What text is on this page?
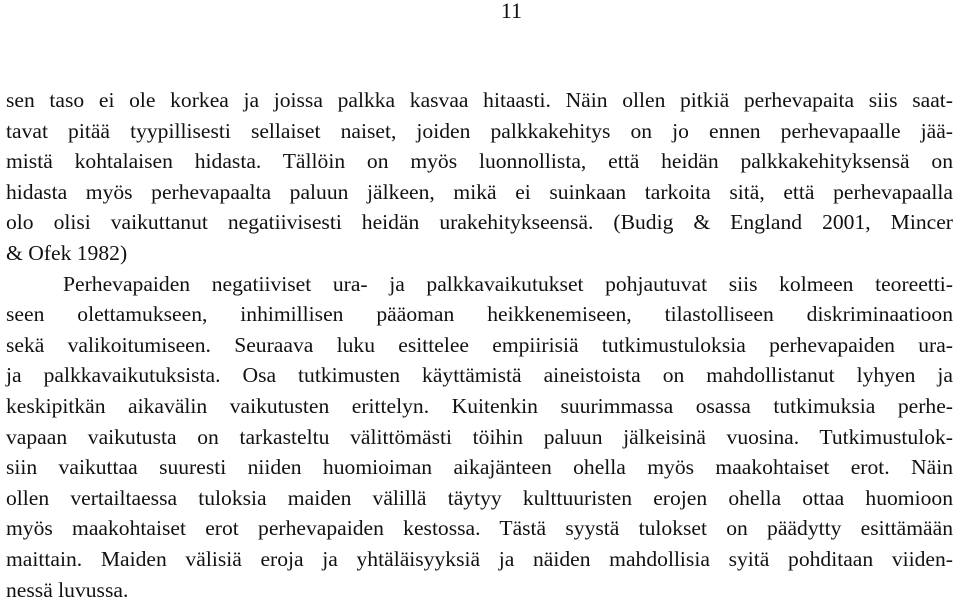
11
sen taso ei ole korkea ja joissa palkka kasvaa hitaasti. Näin ollen pitkiä perhevapaita siis saat-
tavat pitää tyypillisesti sellaiset naiset, joiden palkkakehitys on jo ennen perhevapaalle jää-
mistä kohtalaisen hidasta. Tällöin on myös luonnollista, että heidän palkkakehityksensä on
hidasta myös perhevapaalta paluun jälkeen, mikä ei suinkaan tarkoita sitä, että perhevapaalla
olo olisi vaikuttanut negatiivisesti heidän urakehitykseensä. (Budig & England 2001, Mincer
& Ofek 1982)
Perhevapaiden negatiiviset ura- ja palkkavaikutukset pohjautuvat siis kolmeen teoreetti-
seen olettamukseen, inhimillisen pääoman heikkenemiseen, tilastolliseen diskriminaatioon
sekä valikoitumiseen. Seuraava luku esittelee empiirisiä tutkimustuloksia perhevapaiden ura-
ja palkkavaikutuksista. Osa tutkimusten käyttämistä aineistoista on mahdollistanut lyhyen ja
keskipitkän aikavälin vaikutusten erittelyn. Kuitenkin suurimmassa osassa tutkimuksia perhe-
vapaan vaikutusta on tarkasteltu välittömästi töihin paluun jälkeisinä vuosina. Tutkimustulok-
siin vaikuttaa suuresti niiden huomioiman aikajänteen ohella myös maakohtaiset erot. Näin
ollen vertailtaessa tuloksia maiden välillä täytyy kulttuuristen erojen ohella ottaa huomioon
myös maakohtaiset erot perhevapaiden kestossa. Tästä syystä tulokset on päädytty esittämään
maittain. Maiden välisiä eroja ja yhtäläisyyksiä ja näiden mahdollisia syitä pohditaan viiden-
nessä luvussa.
